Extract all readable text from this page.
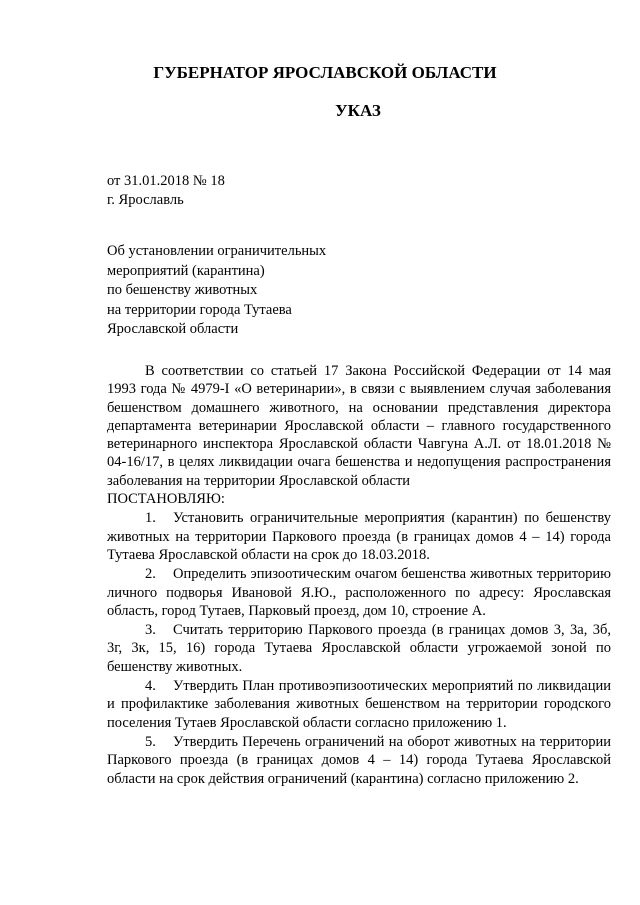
ГУБЕРНАТОР ЯРОСЛАВСКОЙ ОБЛАСТИ
УКАЗ
от 31.01.2018 № 18
г. Ярославль
Об установлении ограничительных
мероприятий (карантина)
по бешенству животных
на территории города Тутаева
Ярославской области

В соответствии со статьей 17 Закона Российской Федерации от 14 мая 1993 года № 4979-I «О ветеринарии», в связи с выявлением случая заболевания бешенством домашнего животного, на основании представления директора департамента ветеринарии Ярославской области – главного государственного ветеринарного инспектора Ярославской области Чавгуна А.Л. от 18.01.2018 № 04-16/17, в целях ликвидации очага бешенства и недопущения распространения заболевания на территории Ярославской области

ПОСТАНОВЛЯЮ:

1. Установить ограничительные мероприятия (карантин) по бешенству животных на территории Паркового проезда (в границах домов 4 – 14) города Тутаева Ярославской области на срок до 18.03.2018.

2. Определить эпизоотическим очагом бешенства животных территорию личного подворья Ивановой Я.Ю., расположенного по адресу: Ярославская область, город Тутаев, Парковый проезд, дом 10, строение А.

3. Считать территорию Паркового проезда (в границах домов 3, 3а, 3б, 3г, 3к, 15, 16) города Тутаева Ярославской области угрожаемой зоной по бешенству животных.

4. Утвердить План противоэпизоотических мероприятий по ликвидации и профилактике заболевания животных бешенством на территории городского поселения Тутаев Ярославской области согласно приложению 1.

5. Утвердить Перечень ограничений на оборот животных на территории Паркового проезда (в границах домов 4 – 14) города Тутаева Ярославской области на срок действия ограничений (карантина) согласно приложению 2.
